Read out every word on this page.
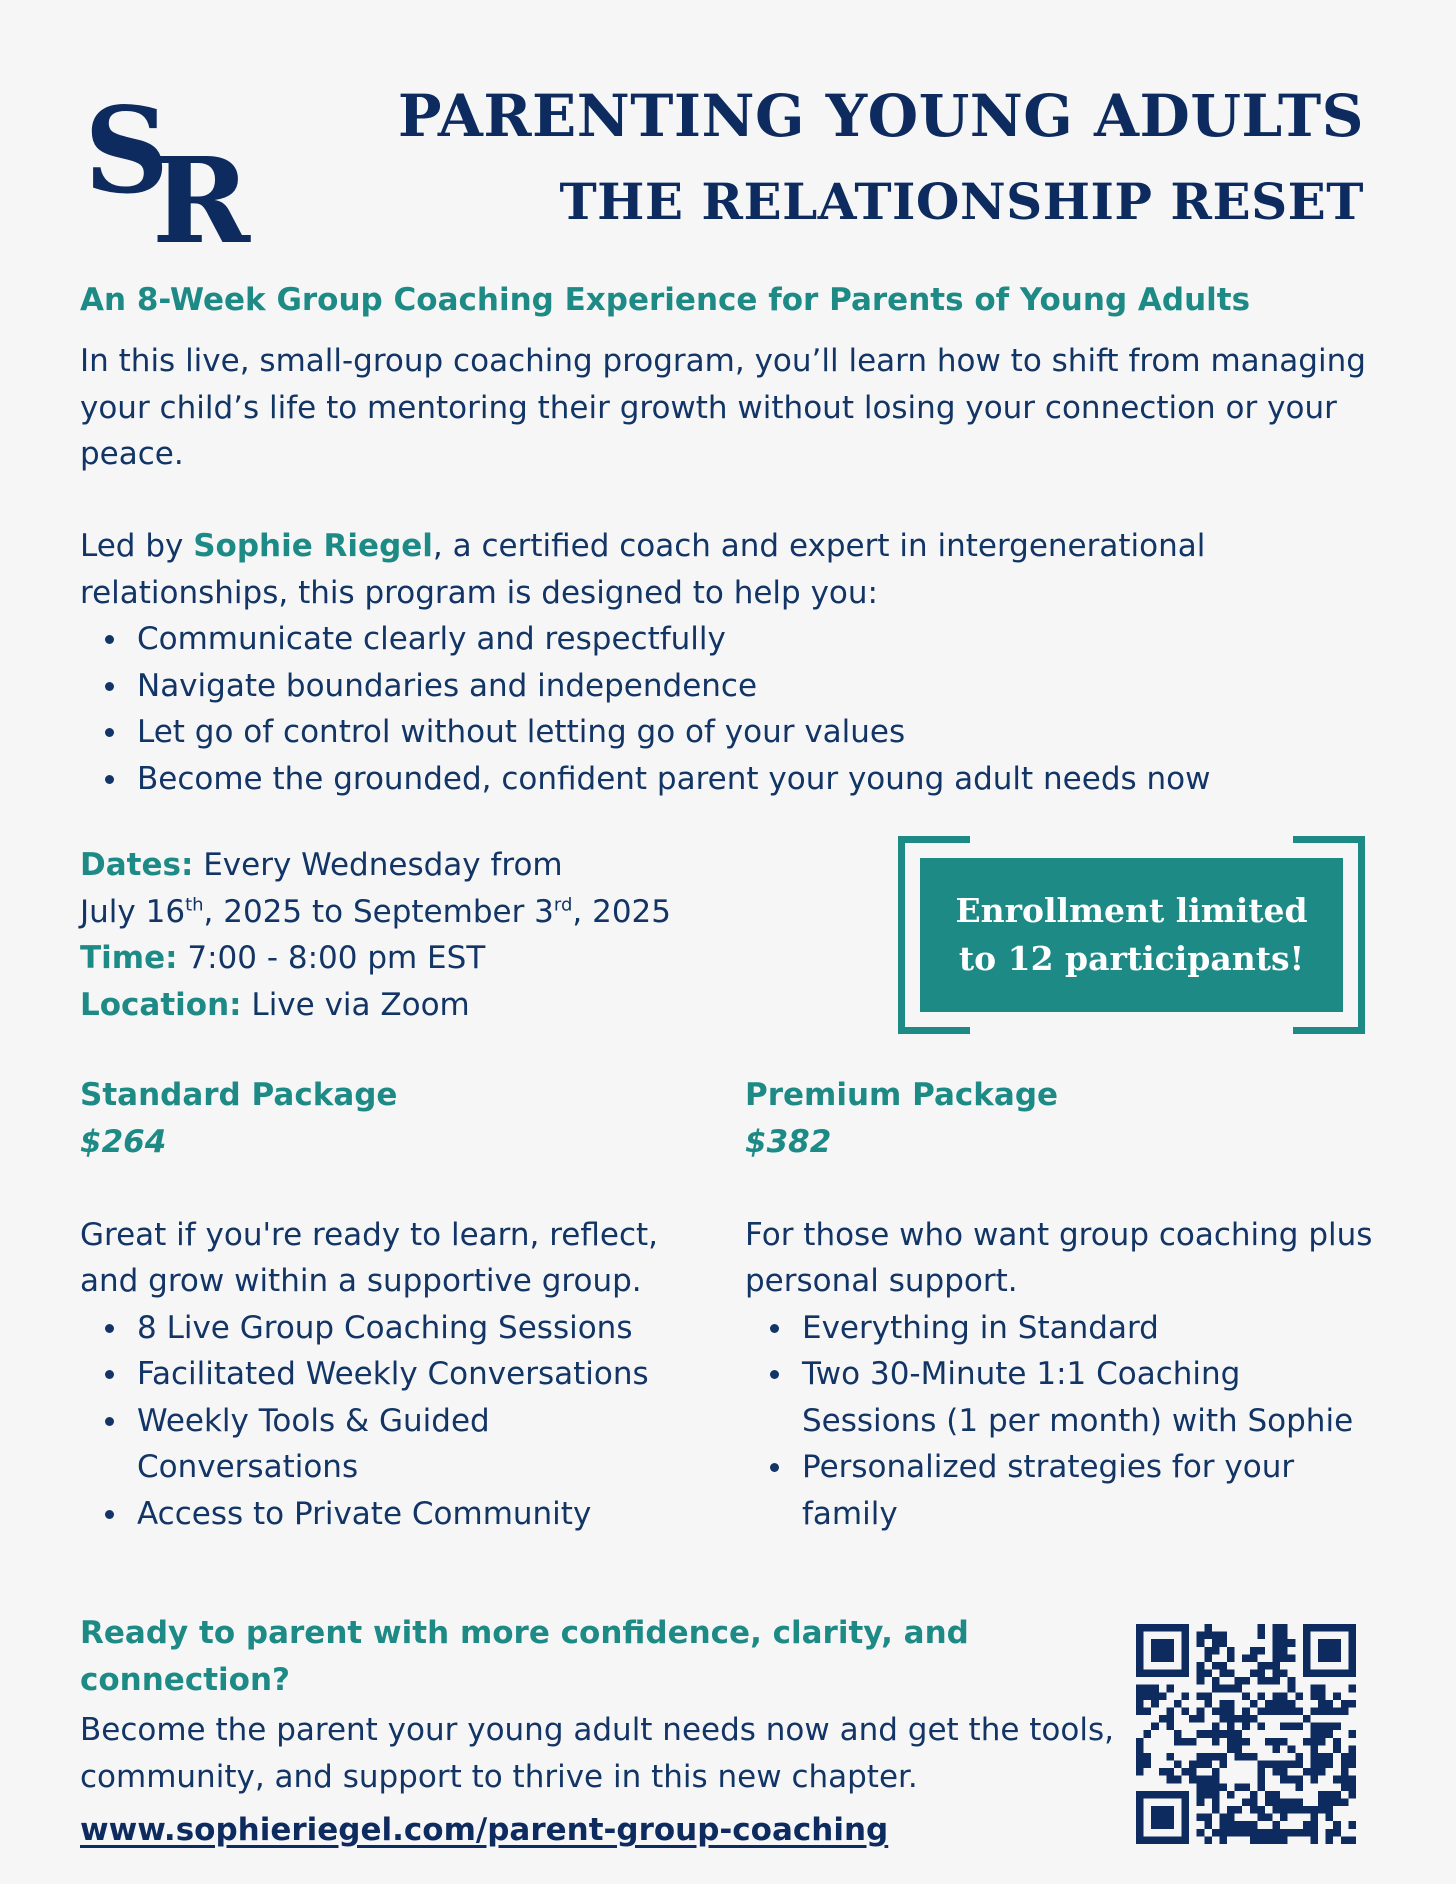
S
R
PARENTING YOUNG ADULTS
THE RELATIONSHIP RESET
An 8-Week Group Coaching Experience for Parents of Young Adults

In this live, small-group coaching program, you’ll learn how to shift from managing your child’s life to mentoring their growth without losing your connection or your peace.

Led by Sophie Riegel, a certified coach and expert in intergenerational relationships, this program is designed to help you:

Communicate clearly and respectfully
Navigate boundaries and independence
Let go of control without letting go of your values
Become the grounded, confident parent your young adult needs now
Dates: Every Wednesday from
July 16th, 2025 to September 3rd, 2025
Time: 7:00 - 8:00 pm EST
Location: Live via Zoom
Enrollment limited
to 12 participants!
Standard Package
$264

Great if you're ready to learn, reflect, and grow within a supportive group.

8 Live Group Coaching Sessions
Facilitated Weekly Conversations
Weekly Tools & Guided Conversations
Access to Private Community
Premium Package
$382

For those who want group coaching plus personal support.

Everything in Standard
Two 30-Minute 1:1 Coaching Sessions (1 per month) with Sophie
Personalized strategies for your family
Ready to parent with more confidence, clarity, and connection?

Become the parent your young adult needs now and get the tools, community, and support to thrive in this new chapter.

www.sophieriegel.com/parent-group-coaching
